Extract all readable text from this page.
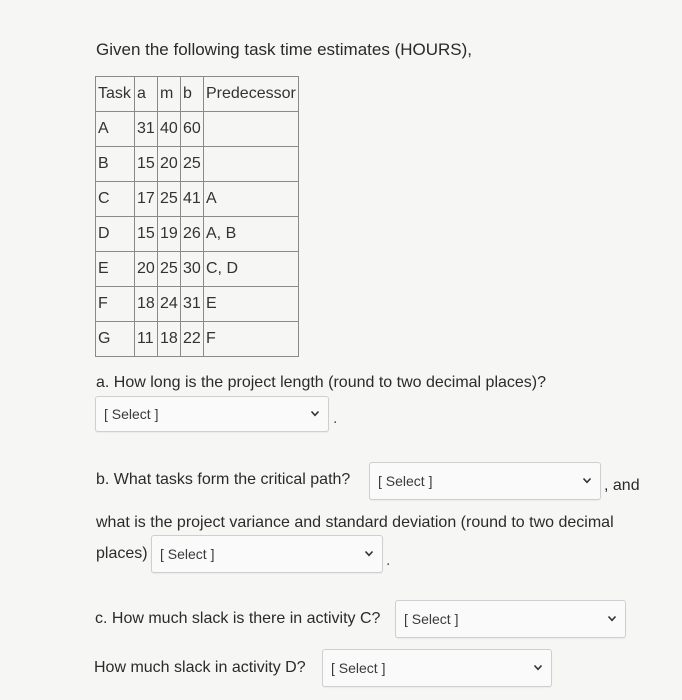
Given the following task time estimates (HOURS),
Task	a	m	b	Predecessor
A	31	40	60	
B	15	20	25	
C	17	25	41	A
D	15	19	26	A, B
E	20	25	30	C, D
F	18	24	31	E
G	11	18	22	F
a. How long is the project length (round to two decimal places)?
[ Select ]	.
b. What tasks form the critical path? [ Select ]	, and
what is the project variance and standard deviation (round to two decimal
places) [ Select ]	.
c. How much slack is there in activity C? [ Select ]
How much slack in activity D? [ Select ]
